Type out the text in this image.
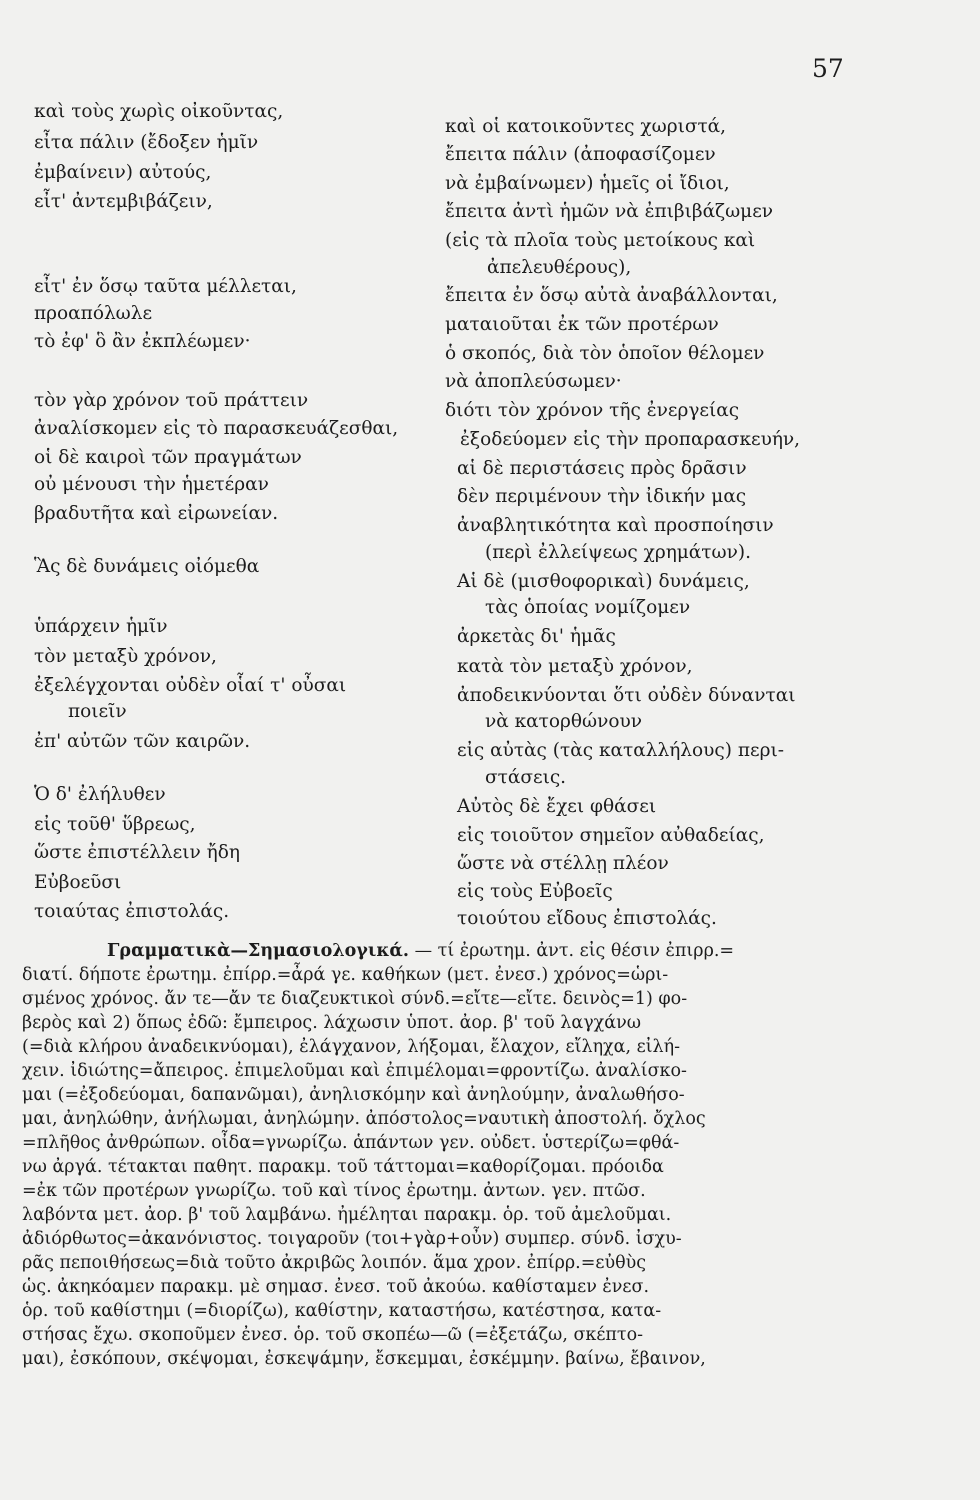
57
καὶ τοὺς χωρὶς οἰκοῦντας,
εἶτα πάλιν (ἔδοξεν ἡμῖν
ἐμβαίνειν) αὐτούς,
εἶτ' ἀντεμβιβάζειν,
εἶτ' ἐν ὅσῳ ταῦτα μέλλεται,
προαπόλωλε
τὸ ἐφ' ὃ ἂν ἐκπλέωμεν·
τὸν γὰρ χρόνον τοῦ πράττειν
ἀναλίσκομεν εἰς τὸ παρασκευάζεσθαι,
οἱ δὲ καιροὶ τῶν πραγμάτων
οὐ μένουσι τὴν ἡμετέραν
βραδυτῆτα καὶ εἰρωνείαν.
Ἃς δὲ δυνάμεις οἰόμεθα
ὑπάρχειν ἡμῖν
τὸν μεταξὺ χρόνον,
ἐξελέγχονται οὐδὲν οἷαί τ' οὖσαι
ποιεῖν
ἐπ' αὐτῶν τῶν καιρῶν.
Ὁ δ' ἐλήλυθεν
εἰς τοῦθ' ὕβρεως,
ὥστε ἐπιστέλλειν ἤδη
Εὐβοεῦσι
τοιαύτας ἐπιστολάς.
καὶ οἱ κατοικοῦντες χωριστά,
ἔπειτα πάλιν (ἀποφασίζομεν
νὰ ἐμβαίνωμεν) ἡμεῖς οἱ ἴδιοι,
ἔπειτα ἀντὶ ἡμῶν νὰ ἐπιβιβάζωμεν
(εἰς τὰ πλοῖα τοὺς μετοίκους καὶ
ἀπελευθέρους),
ἔπειτα ἐν ὅσῳ αὐτὰ ἀναβάλλονται,
ματαιοῦται ἐκ τῶν προτέρων
ὁ σκοπός, διὰ τὸν ὁποῖον θέλομεν
νὰ ἀποπλεύσωμεν·
διότι τὸν χρόνον τῆς ἐνεργείας
ἐξοδεύομεν εἰς τὴν προπαρασκευήν,
αἱ δὲ περιστάσεις πρὸς δρᾶσιν
δὲν περιμένουν τὴν ἰδικήν μας
ἀναβλητικότητα καὶ προσποίησιν
(περὶ ἐλλείψεως χρημάτων).
Αἱ δὲ (μισθοφορικαὶ) δυνάμεις,
τὰς ὁποίας νομίζομεν
ἀρκετὰς δι' ἡμᾶς
κατὰ τὸν μεταξὺ χρόνον,
ἀποδεικνύονται ὅτι οὐδὲν δύνανται
νὰ κατορθώνουν
εἰς αὐτὰς (τὰς καταλλήλους) περι-
στάσεις.
Αὐτὸς δὲ ἔχει φθάσει
εἰς τοιοῦτον σημεῖον αὐθαδείας,
ὥστε νὰ στέλλῃ πλέον
εἰς τοὺς Εὐβοεῖς
τοιούτου εἴδους ἐπιστολάς.
Γραμματικὰ—Σημασιολογικά. — τί ἐρωτημ. ἀντ. εἰς θέσιν ἐπιρρ.=
διατί. δήποτε ἐρωτημ. ἐπίρρ.=ἆρά γε. καθήκων (μετ. ἐνεσ.) χρόνος=ὡρι-
σμένος χρόνος. ἄν τε—ἄν τε διαζευκτικοὶ σύνδ.=εἴτε—εἴτε. δεινὸς=1) φο-
βερὸς καὶ 2) ὅπως ἐδῶ: ἔμπειρος. λάχωσιν ὑποτ. ἀορ. β' τοῦ λαγχάνω
(=διὰ κλήρου ἀναδεικνύομαι), ἐλάγχανον, λήξομαι, ἔλαχον, εἴληχα, εἰλή-
χειν. ἰδιώτης=ἄπειρος. ἐπιμελοῦμαι καὶ ἐπιμέλομαι=φροντίζω. ἀναλίσκο-
μαι (=ἐξοδεύομαι, δαπανῶμαι), ἀνηλισκόμην καὶ ἀνηλούμην, ἀναλωθήσο-
μαι, ἀνηλώθην, ἀνήλωμαι, ἀνηλώμην. ἀπόστολος=ναυτικὴ ἀποστολή. ὄχλος
=πλῆθος ἀνθρώπων. οἶδα=γνωρίζω. ἁπάντων γεν. οὐδετ. ὑστερίζω=φθά-
νω ἀργά. τέτακται παθητ. παρακμ. τοῦ τάττομαι=καθορίζομαι. πρόοιδα
=ἐκ τῶν προτέρων γνωρίζω. τοῦ καὶ τίνος ἐρωτημ. ἀντων. γεν. πτῶσ.
λαβόντα μετ. ἀορ. β' τοῦ λαμβάνω. ἠμέληται παρακμ. ὁρ. τοῦ ἀμελοῦμαι.
ἀδιόρθωτος=ἀκανόνιστος. τοιγαροῦν (τοι+γὰρ+οὖν) συμπερ. σύνδ. ἰσχυ-
ρᾶς πεποιθήσεως=διὰ τοῦτο ἀκριβῶς λοιπόν. ἅμα χρον. ἐπίρρ.=εὐθὺς
ὡς. ἀκηκόαμεν παρακμ. μὲ σημασ. ἐνεσ. τοῦ ἀκούω. καθίσταμεν ἐνεσ.
ὁρ. τοῦ καθίστημι (=διορίζω), καθίστην, καταστήσω, κατέστησα, κατα-
στήσας ἔχω. σκοποῦμεν ἐνεσ. ὁρ. τοῦ σκοπέω—ῶ (=ἐξετάζω, σκέπτο-
μαι), ἐσκόπουν, σκέψομαι, ἐσκεψάμην, ἔσκεμμαι, ἐσκέμμην. βαίνω, ἔβαινον,
